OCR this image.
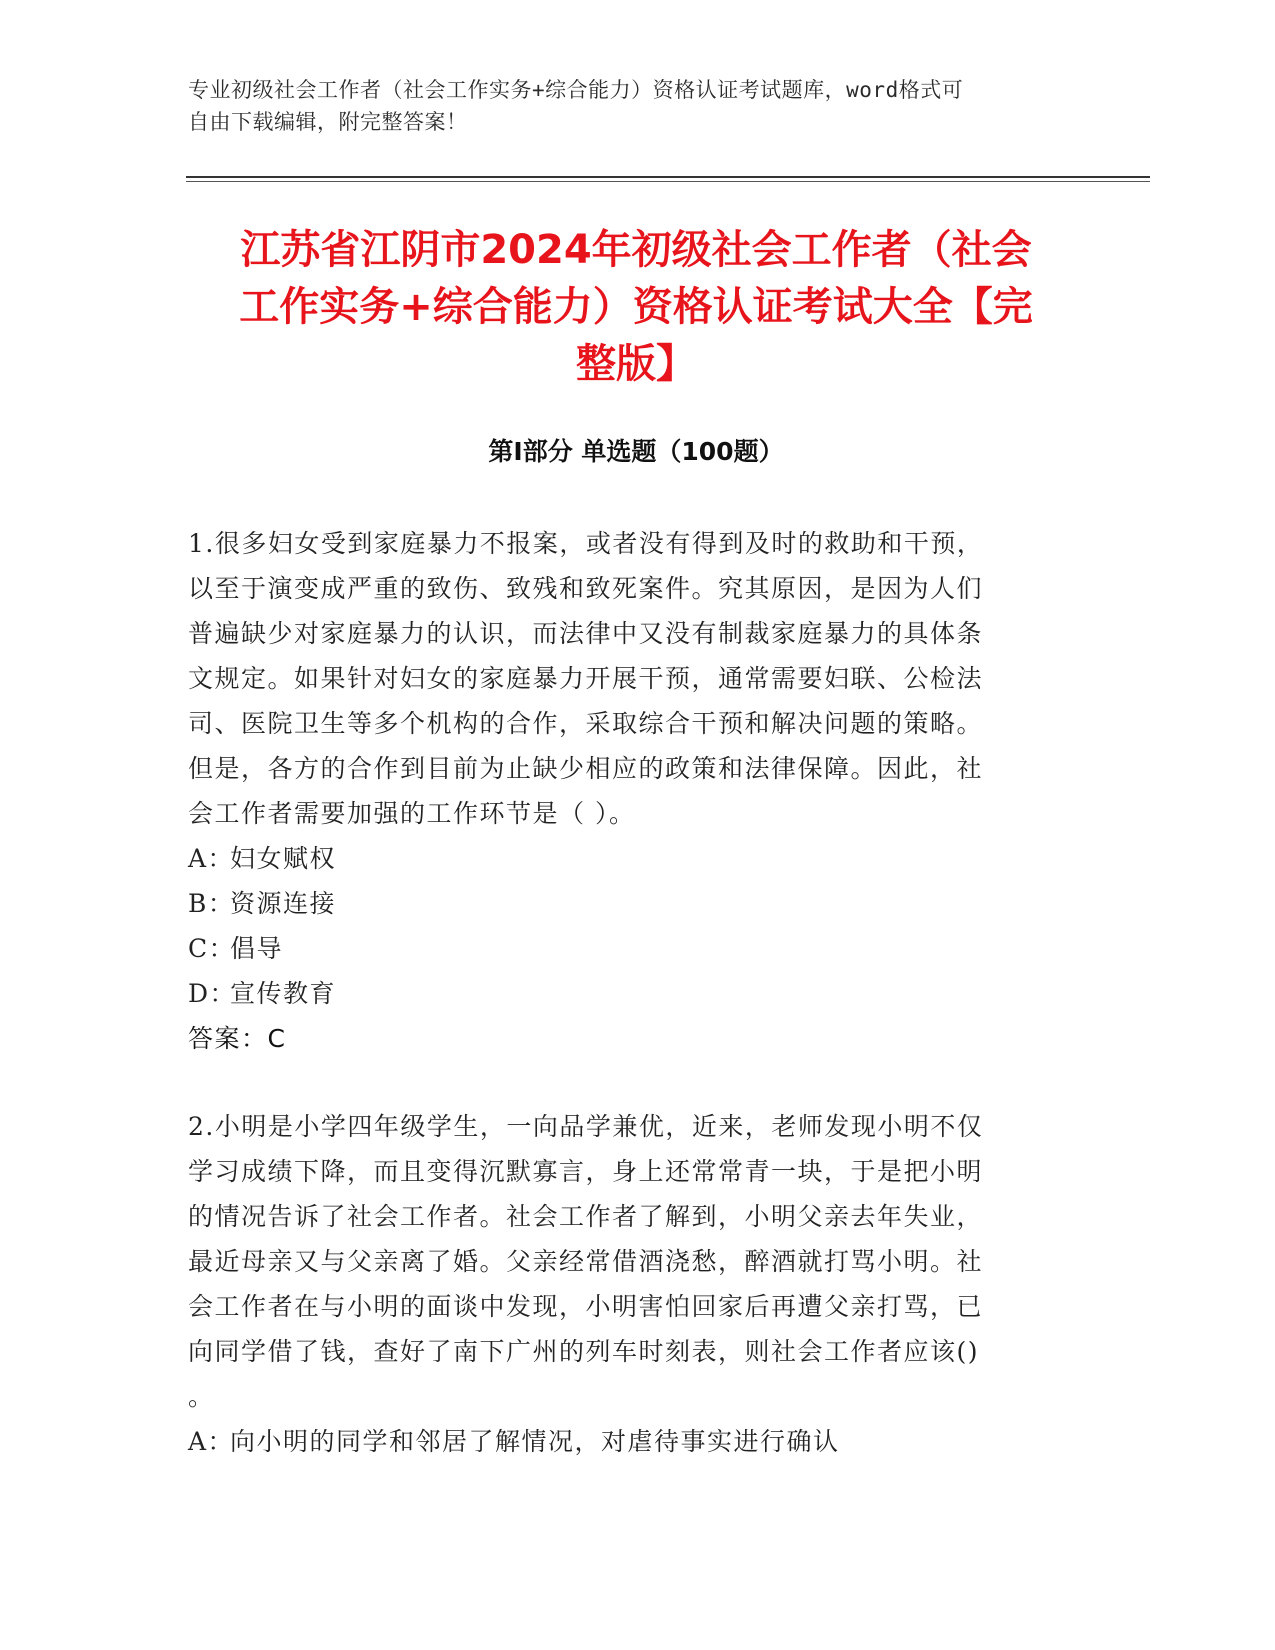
专业初级社会工作者（社会工作实务+综合能力）资格认证考试题库，word格式可
自由下载编辑，附完整答案！
江苏省江阴市2024年初级社会工作者（社会
工作实务+综合能力）资格认证考试大全【完
整版】
第Ⅰ部分 单选题（100题）
1.很多妇女受到家庭暴力不报案，或者没有得到及时的救助和干预，
以至于演变成严重的致伤、致残和致死案件。究其原因，是因为人们
普遍缺少对家庭暴力的认识，而法律中又没有制裁家庭暴力的具体条
文规定。如果针对妇女的家庭暴力开展干预，通常需要妇联、公检法
司、医院卫生等多个机构的合作，采取综合干预和解决问题的策略。
但是，各方的合作到目前为止缺少相应的政策和法律保障。因此，社
会工作者需要加强的工作环节是（ ）。
A：
妇女赋权
B：
资源连接
C：
倡导
D：
宣传教育
答案：C
2.小明是小学四年级学生，一向品学兼优，近来，老师发现小明不仅
学习成绩下降，而且变得沉默寡言，身上还常常青一块，于是把小明
的情况告诉了社会工作者。社会工作者了解到，小明父亲去年失业，
最近母亲又与父亲离了婚。父亲经常借酒浇愁，醉酒就打骂小明。社
会工作者在与小明的面谈中发现，小明害怕回家后再遭父亲打骂，已
向同学借了钱，查好了南下广州的列车时刻表，则社会工作者应该()
。
A：
向小明的同学和邻居了解情况，对虐待事实进行确认
